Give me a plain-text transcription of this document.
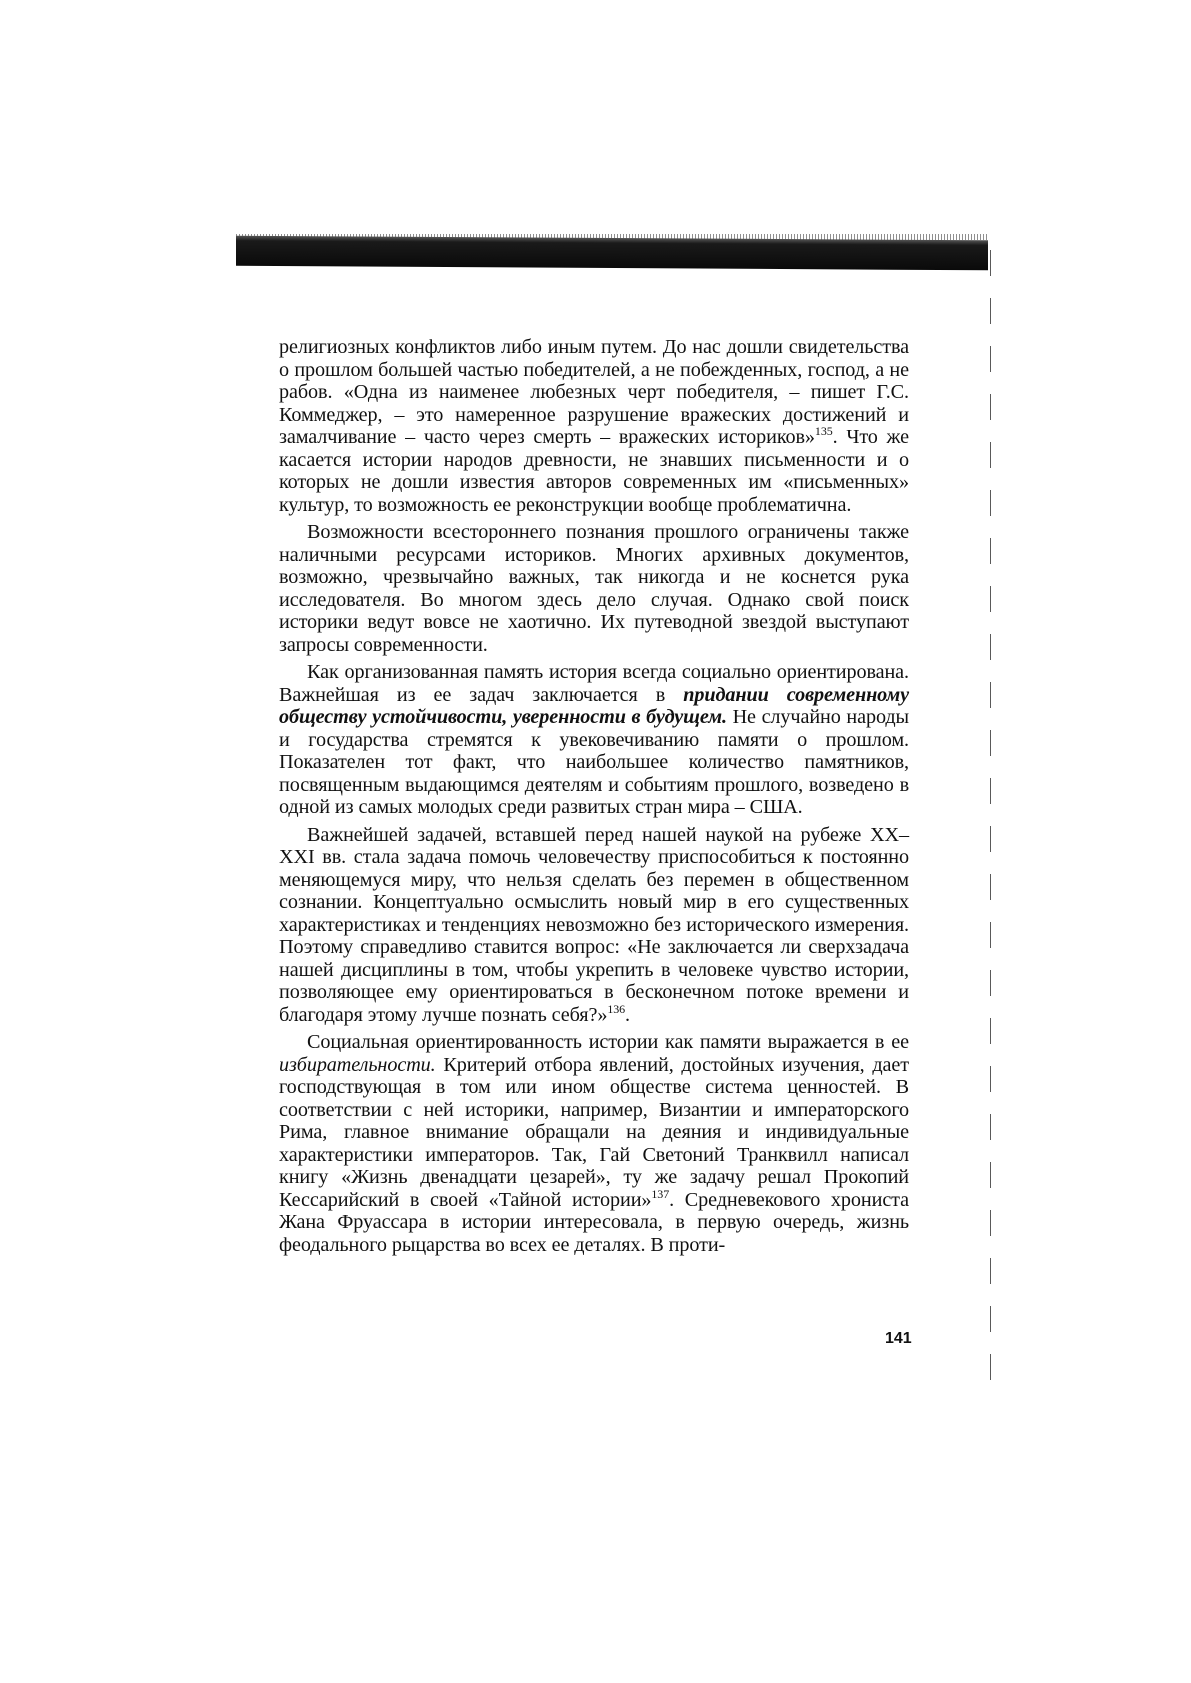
религиозных конфликтов либо иным путем. До нас дошли свидетельства о прошлом большей частью победителей, а не побежденных, господ, а не рабов. «Одна из наименее любезных черт победителя, – пишет Г.С. Коммеджер, – это намеренное разрушение вражеских достижений и замалчивание – часто через смерть – вражеских историков»$^{135}$. Что же касается истории народов древности, не знавших письменности и о которых не дошли известия авторов современных им «письменных» культур, то возможность ее реконструкции вообще проблематична.

Возможности всестороннего познания прошлого ограничены также наличными ресурсами историков. Многих архивных документов, возможно, чрезвычайно важных, так никогда и не коснется рука исследователя. Во многом здесь дело случая. Однако свой поиск историки ведут вовсе не хаотично. Их путеводной звездой выступают запросы современности.

Как организованная память история всегда социально ориентирована. Важнейшая из ее задач заключается в придании современному обществу устойчивости, уверенности в будущем. Не случайно народы и государства стремятся к увековечиванию памяти о прошлом. Показателен тот факт, что наибольшее количество памятников, посвященным выдающимся деятелям и событиям прошлого, возведено в одной из самых молодых среди развитых стран мира – США.

Важнейшей задачей, вставшей перед нашей наукой на рубеже XX–XXI вв. стала задача помочь человечеству приспособиться к постоянно меняющемуся миру, что нельзя сделать без перемен в общественном сознании. Концептуально осмыслить новый мир в его существенных характеристиках и тенденциях невозможно без исторического измерения. Поэтому справедливо ставится вопрос: «Не заключается ли сверхзадача нашей дисциплины в том, чтобы укрепить в человеке чувство истории, позволяющее ему ориентироваться в бесконечном потоке времени и благодаря этому лучше познать себя?»$^{136}$.

Социальная ориентированность истории как памяти выражается в ее избирательности. Критерий отбора явлений, достойных изучения, дает господствующая в том или ином обществе система ценностей. В соответствии с ней историки, например, Византии и императорского Рима, главное внимание обращали на деяния и индивидуальные характеристики императоров. Так, Гай Светоний Транквилл написал книгу «Жизнь двенадцати цезарей», ту же задачу решал Прокопий Кессарийский в своей «Тайной истории»$^{137}$. Средневекового хрониста Жана Фруассара в истории интересовала, в первую очередь, жизнь феодального рыцарства во всех ее деталях. В проти-

141
